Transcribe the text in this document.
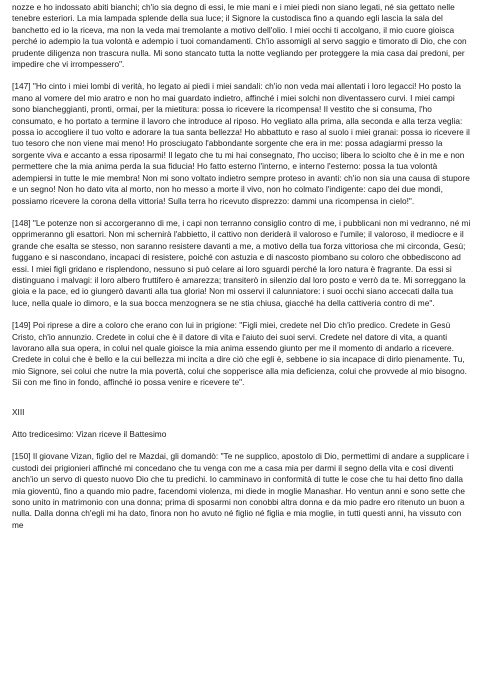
nozze e ho indossato abiti bianchi; ch'io sia degno di essi, le mie mani e i miei piedi non siano legati, né sia gettato nelle tenebre esteriori. La mia lampada splende della sua luce; il Signore la custodisca fino a quando egli lascia la sala del banchetto ed io la riceva, ma non la veda mai tremolante a motivo dell'olio. I miei occhi ti accolgano, il mio cuore gioisca perché io adempio la tua volontà e adempio i tuoi comandamenti. Ch'io assomigli al servo saggio e timorato di Dio, che con prudente diligenza non trascura nulla. Mi sono stancato tutta la notte vegliando per proteggere la mia casa dai predoni, per impedire che vi irrompessero".

[147] "Ho cinto i miei lombi di verità, ho legato ai piedi i miei sandali: ch'io non veda mai allentati i loro legacci! Ho posto la mano al vomere del mio aratro e non ho mai guardato indietro, affinché i miei solchi non diventassero curvi. I miei campi sono biancheggianti, pronti, ormai, per la mietitura: possa io ricevere la ricompensa! Il vestito che si consuma, l'ho consumato, e ho portato a termine il lavoro che introduce al riposo. Ho vegliato alla prima, alla seconda e alla terza veglia: possa io accogliere il tuo volto e adorare la tua santa bellezza! Ho abbattuto e raso al suolo i miei granai: possa io ricevere il tuo tesoro che non viene mai meno! Ho prosciugato l'abbondante sorgente che era in me: possa adagiarmi presso la sorgente viva e accanto a essa riposarmi! Il legato che tu mi hai consegnato, l'ho ucciso; libera lo sciolto che è in me e non permettere che la mia anima perda la sua fiducia! Ho fatto esterno l'interno, e interno l'esterno: possa la tua volontà adempiersi in tutte le mie membra! Non mi sono voltato indietro sempre proteso in avanti: ch'io non sia una causa di stupore e un segno! Non ho dato vita al morto, non ho messo a morte il vivo, non ho colmato l'indigente: capo dei due mondi, possiamo ricevere la corona della vittoria! Sulla terra ho ricevuto disprezzo: dammi una ricompensa in cielo!".

[148] "Le potenze non si accorgeranno di me, i capi non terranno consiglio contro di me, i pubblicani non mi vedranno, né mi opprimeranno gli esattori. Non mi schernirà l'abbietto, il cattivo non deriderà il valoroso e l'umile; il valoroso, il mediocre e il grande che esalta se stesso, non saranno resistere davanti a me, a motivo della tua forza vittoriosa che mi circonda, Gesù; fuggano e si nascondano, incapaci di resistere, poiché con astuzia e di nascosto piombano su coloro che obbediscono ad essi. I miei figli gridano e risplendono, nessuno si può celare ai loro sguardi perché la loro natura è fragrante. Da essi si distinguano i malvagi: il loro albero fruttifero è amarezza; transiterò in silenzio dal loro posto e verrò da te. Mi sorreggano la gioia e la pace, ed io giungerò davanti alla tua gloria! Non mi osservi il calunniatore: i suoi occhi siano accecati dalla tua luce, nella quale io dimoro, e la sua bocca menzognera se ne stia chiusa, giacché ha della cattiveria contro di me".

[149] Poi riprese a dire a coloro che erano con lui in prigione: "Figli miei, credete nel Dio ch'io predico. Credete in Gesù Cristo, ch'io annunzio. Credete in colui che è il datore di vita e l'aiuto dei suoi servi. Credete nel datore di vita, a quanti lavorano alla sua opera, in colui nel quale gioisce la mia anima essendo giunto per me il momento di andarlo a ricevere. Credete in colui che è bello e la cui bellezza mi incita a dire ciò che egli è, sebbene io sia incapace di dirlo pienamente. Tu, mio Signore, sei colui che nutre la mia povertà, colui che sopperisce alla mia deficienza, colui che provvede al mio bisogno. Sii con me fino in fondo, affinché io possa venire e ricevere te".

XIII

Atto tredicesimo: Vizan riceve il Battesimo

[150] Il giovane Vizan, figlio del re Mazdai, gli domandò: "Te ne supplico, apostolo di Dio, permettimi di andare a supplicare i custodi dei prigionieri affinché mi concedano che tu venga con me a casa mia per darmi il segno della vita e così diventi anch'io un servo di questo nuovo Dio che tu predichi. Io camminavo in conformità di tutte le cose che tu hai detto fino dalla mia gioventù, fino a quando mio padre, facendomi violenza, mi diede in moglie Manashar. Ho ventun anni e sono sette che sono unito in matrimonio con una donna; prima di sposarmi non conobbi altra donna e da mio padre ero ritenuto un buon a nulla. Dalla donna ch'egli mi ha dato, finora non ho avuto né figlio né figlia e mia moglie, in tutti questi anni, ha vissuto con me
